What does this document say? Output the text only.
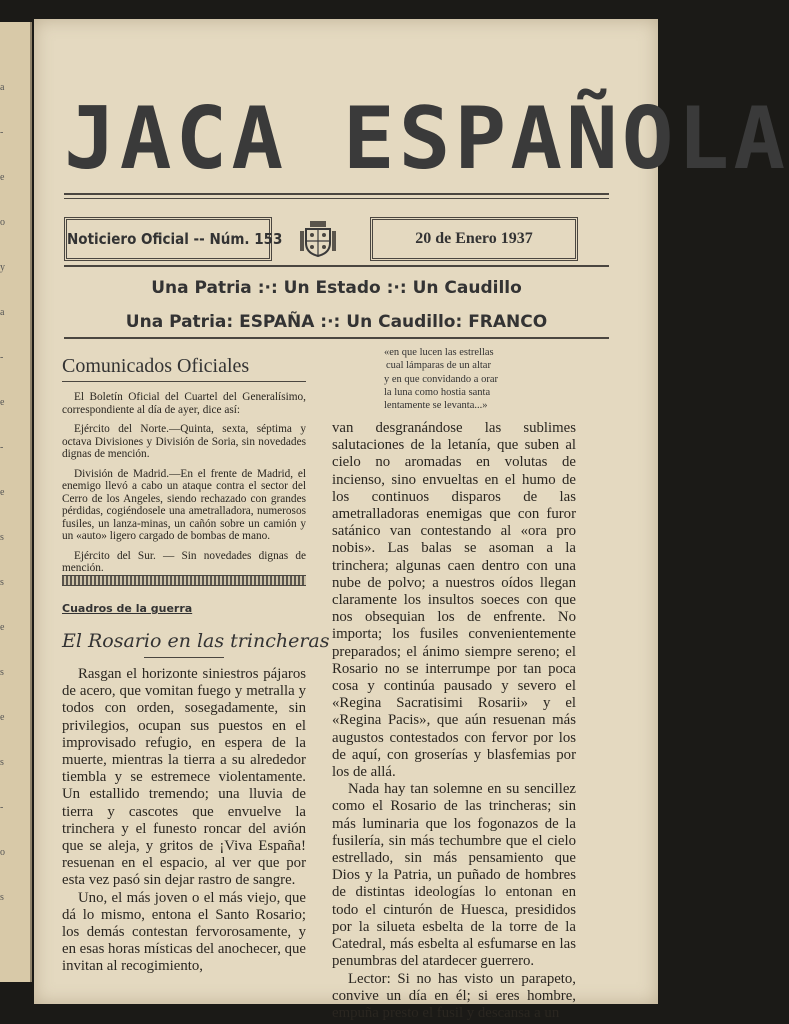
a
-
e
o
y
a
-
e
-
e
s
s
e
s
e
s
-
o
s
JACA ESPAÑOLA
Noticiero Oficial -- Núm. 153	20 de Enero 1937
Una Patria :·: Un Estado :·: Un Caudillo
Una Patria: ESPAÑA :·: Un Caudillo: FRANCO
Comunicados Oficiales

El Boletín Oficial del Cuartel del Generalísimo, correspondiente al día de ayer, dice así:

Ejército del Norte.—Quinta, sexta, séptima y octava Divisiones y División de Soria, sin novedades dignas de mención.

División de Madrid.—En el frente de Madrid, el enemigo llevó a cabo un ataque contra el sector del Cerro de los Angeles, siendo rechazado con grandes pérdidas, cogiéndosele una ametralladora, numerosos fusiles, un lanza-minas, un cañón sobre un camión y un «auto» ligero cargado de bombas de mano.

Ejército del Sur. — Sin novedades dignas de mención.

Cuadros de la guerra
El Rosario en las trincheras

Rasgan el horizonte siniestros pájaros de acero, que vomitan fuego y metralla y todos con orden, sosegadamente, sin privilegios, ocupan sus puestos en el improvisado refugio, en espera de la muerte, mientras la tierra a su alrededor tiembla y se estremece violentamente. Un estallido tremendo; una lluvia de tierra y cascotes que envuelve la trinchera y el funesto roncar del avión que se aleja, y gritos de ¡Viva España! resuenan en el espacio, al ver que por esta vez pasó sin dejar rastro de sangre.

Uno, el más joven o el más viejo, que dá lo mismo, entona el Santo Rosario; los demás contestan fervorosamente, y en esas horas místicas del anochecer, que invitan al recogimiento,

«en que lucen las estrellas
cual lámparas de un altar
y en que convidando a orar
la luna como hostia santa
lentamente se levanta...»

van desgranándose las sublimes salutaciones de la letanía, que suben al cielo no aromadas en volutas de incienso, sino envueltas en el humo de los continuos disparos de las ametralladoras enemigas que con furor satánico van contestando al «ora pro nobis». Las balas se asoman a la trinchera; algunas caen dentro con una nube de polvo; a nuestros oídos llegan claramente los insultos soeces con que nos obsequian los de enfrente. No importa; los fusiles convenientemente preparados; el ánimo siempre sereno; el Rosario no se interrumpe por tan poca cosa y continúa pausado y severo el «Regina Sacratisimi Rosarii» y el «Regina Pacis», que aún resuenan más augustos contestados con fervor por los de aquí, con groserías y blasfemias por los de allá.

Nada hay tan solemne en su sencillez como el Rosario de las trincheras; sin más luminaria que los fogonazos de la fusilería, sin más techumbre que el cielo estrellado, sin más pensamiento que Dios y la Patria, un puñado de hombres de distintas ideologías lo entonan en todo el cinturón de Huesca, presididos por la silueta esbelta de la torre de la Catedral, más esbelta al esfumarse en las penumbras del atardecer guerrero.

Lector: Si no has visto un parapeto, convive un día en él; si eres hombre, empuña presto el fusil y descansa a un
